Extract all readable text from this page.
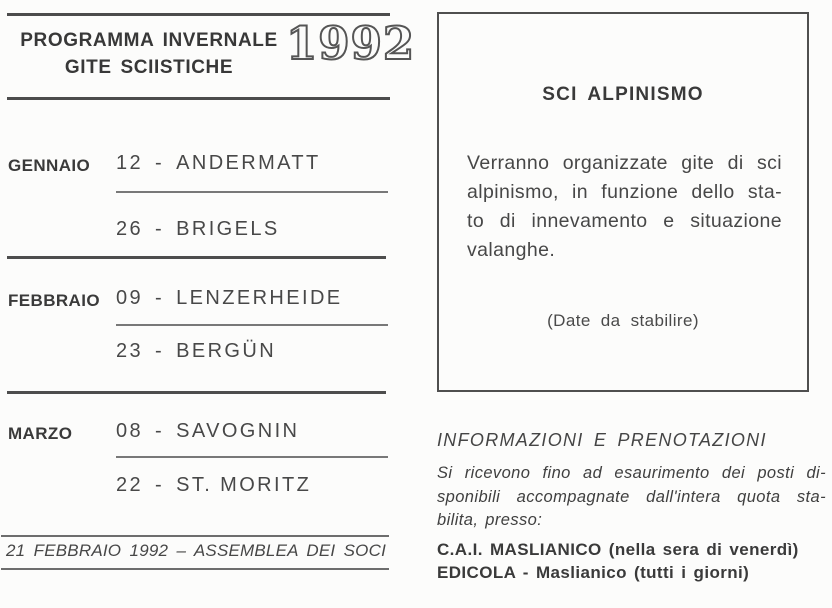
PROGRAMMA INVERNALE
GITE SCIISTICHE	1992
GENNAIO 12 - ANDERMATT
26 - BRIGELS
FEBBRAIO 09 - LENZERHEIDE
23 - BERGÜN
MARZO 08 - SAVOGNIN
22 - ST. MORITZ
21 FEBBRAIO 1992 – ASSEMBLEA DEI SOCI
SCI ALPINISMO
Verranno organizzate gite di sci
alpinismo, in funzione dello sta-
to di innevamento e situazione
valanghe.
(Date da stabilire)
INFORMAZIONI E PRENOTAZIONI
Si ricevono fino ad esaurimento dei posti di-
sponibili accompagnate dall'intera quota sta-
bilita, presso:
C.A.I. MASLIANICO (nella sera di venerdì)
EDICOLA - Maslianico (tutti i giorni)
